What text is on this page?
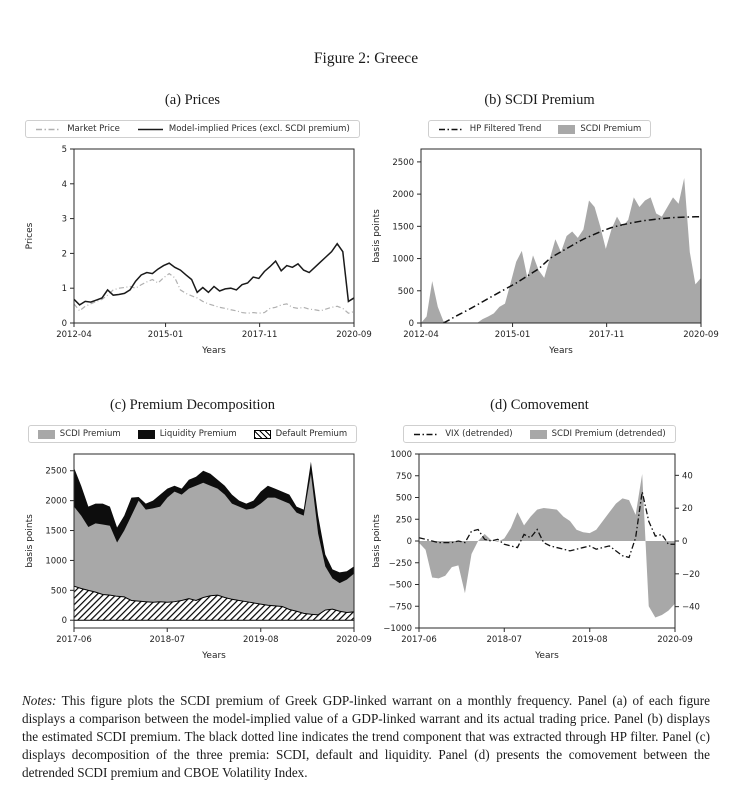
Figure 2: Greece
(a) Prices
Market Price	Model-implied Prices (excl. SCDI premium)
0
1
2
3
4
5
2012-04	2015-01	2017-11	2020-09
Years
Prices
(b) SCDI Premium
HP Filtered Trend	SCDI Premium
0
500
1000
1500
2000
2500
2012-04	2015-01	2017-11	2020-09
Years
basis points
(c) Premium Decomposition
SCDI Premium	Liquidity Premium	Default Premium
0
500
1000
1500
2000
2500
2017-06	2018-07	2019-08	2020-09
Years
basis points
(d) Comovement
VIX (detrended)	SCDI Premium (detrended)
−1000
−750
−500
−250
0
250
500
750
1000
−40
−20
0
20
40
2017-06	2018-07	2019-08	2020-09
Years
basis points

Notes: This figure plots the SCDI premium of Greek GDP-linked warrant on a monthly frequency. Panel (a) of each figure displays a comparison between the model-implied value of a GDP-linked warrant and its actual trading price. Panel (b) displays the estimated SCDI premium. The black dotted line indicates the trend component that was extracted through HP filter. Panel (c) displays decomposition of the three premia: SCDI, default and liquidity. Panel (d) presents the comovement between the detrended SCDI premium and CBOE Volatility Index.
